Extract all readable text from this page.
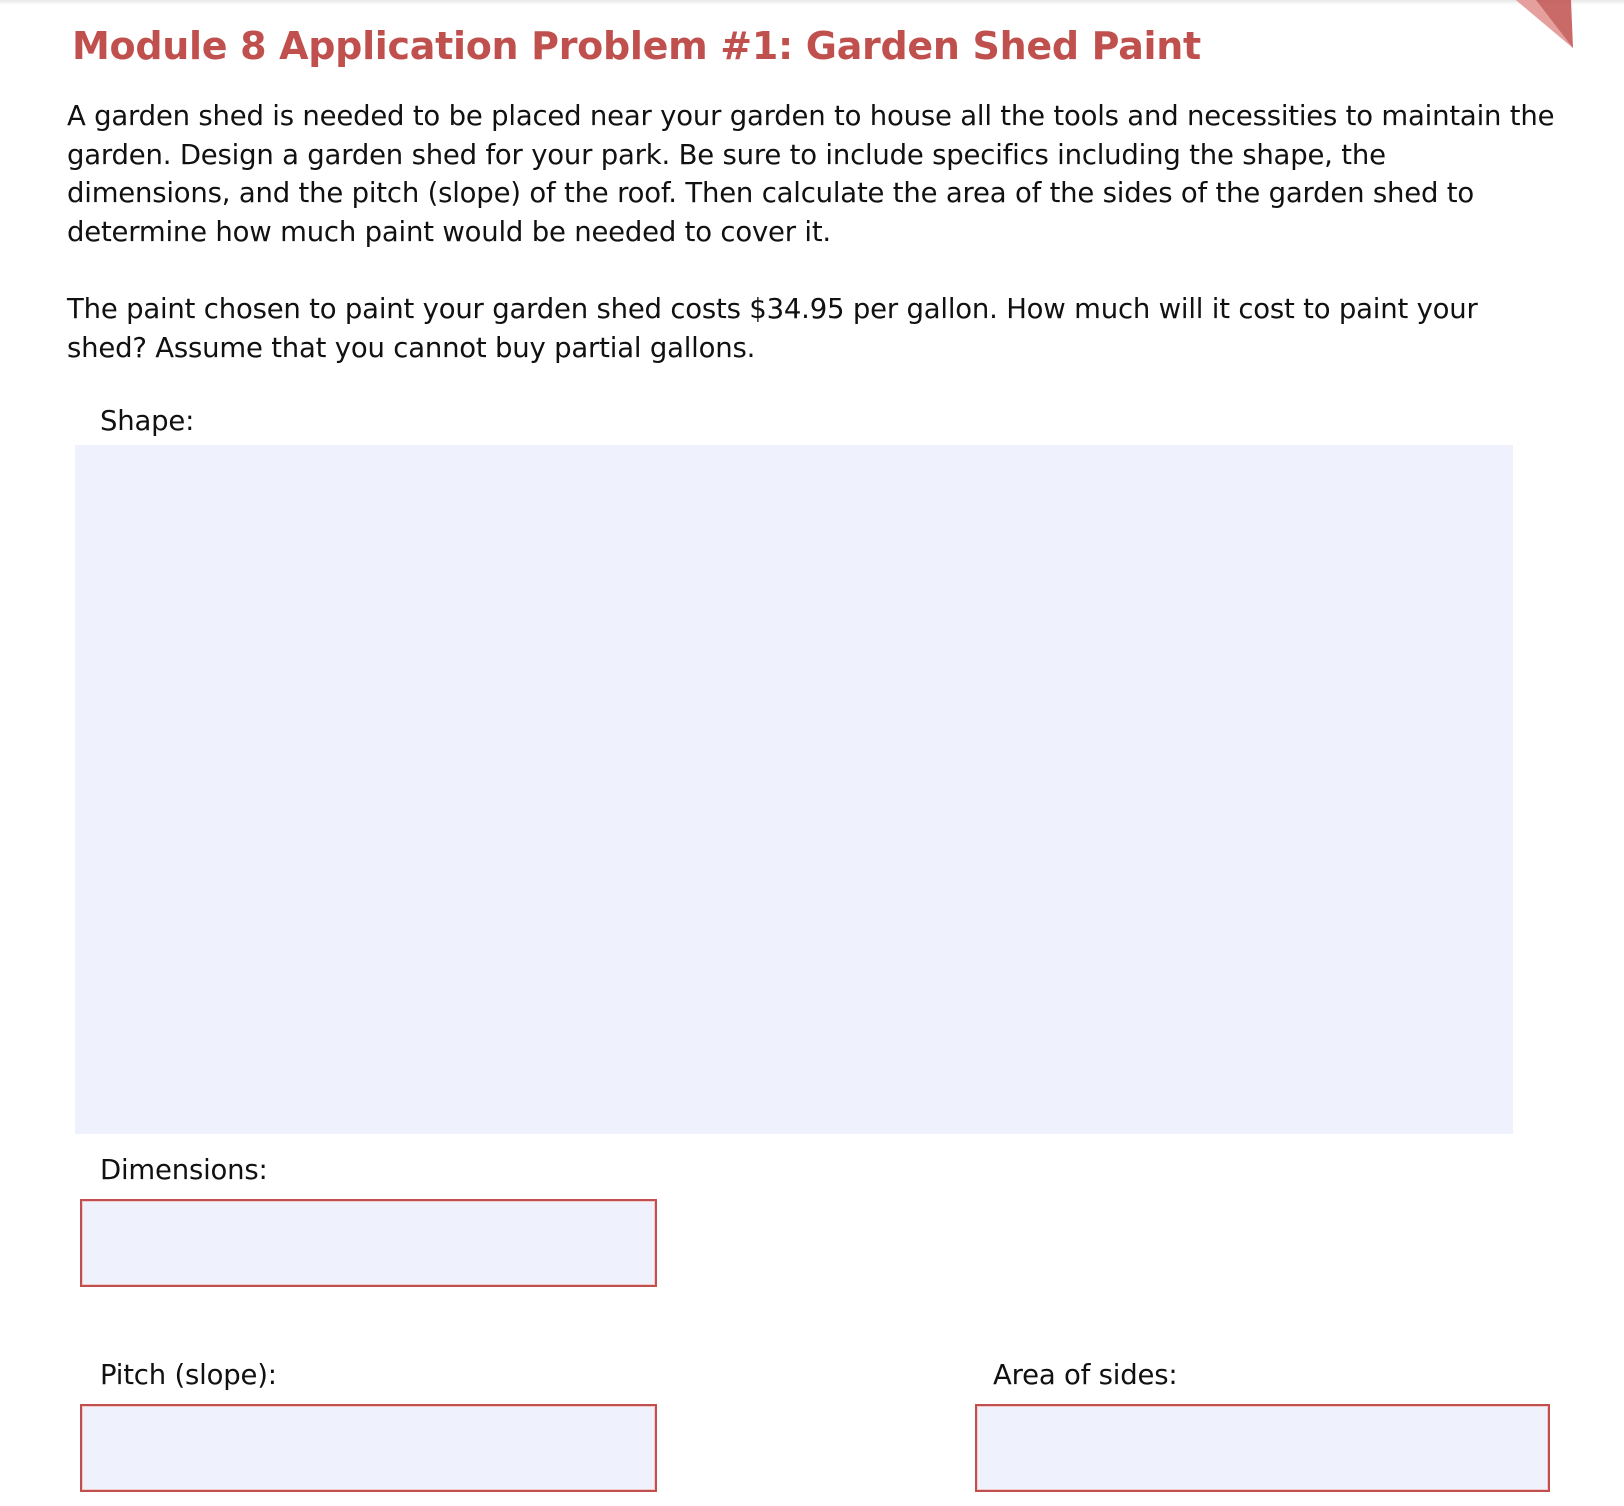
Module 8 Application Problem #1: Garden Shed Paint

A garden shed is needed to be placed near your garden to house all the tools and necessities to maintain the garden. Design a garden shed for your park. Be sure to include specifics including the shape, the dimensions, and the pitch (slope) of the roof. Then calculate the area of the sides of the garden shed to determine how much paint would be needed to cover it.

The paint chosen to paint your garden shed costs $34.95 per gallon. How much will it cost to paint your shed? Assume that you cannot buy partial gallons.

Shape:
Dimensions:
Pitch (slope):	Area of sides:
